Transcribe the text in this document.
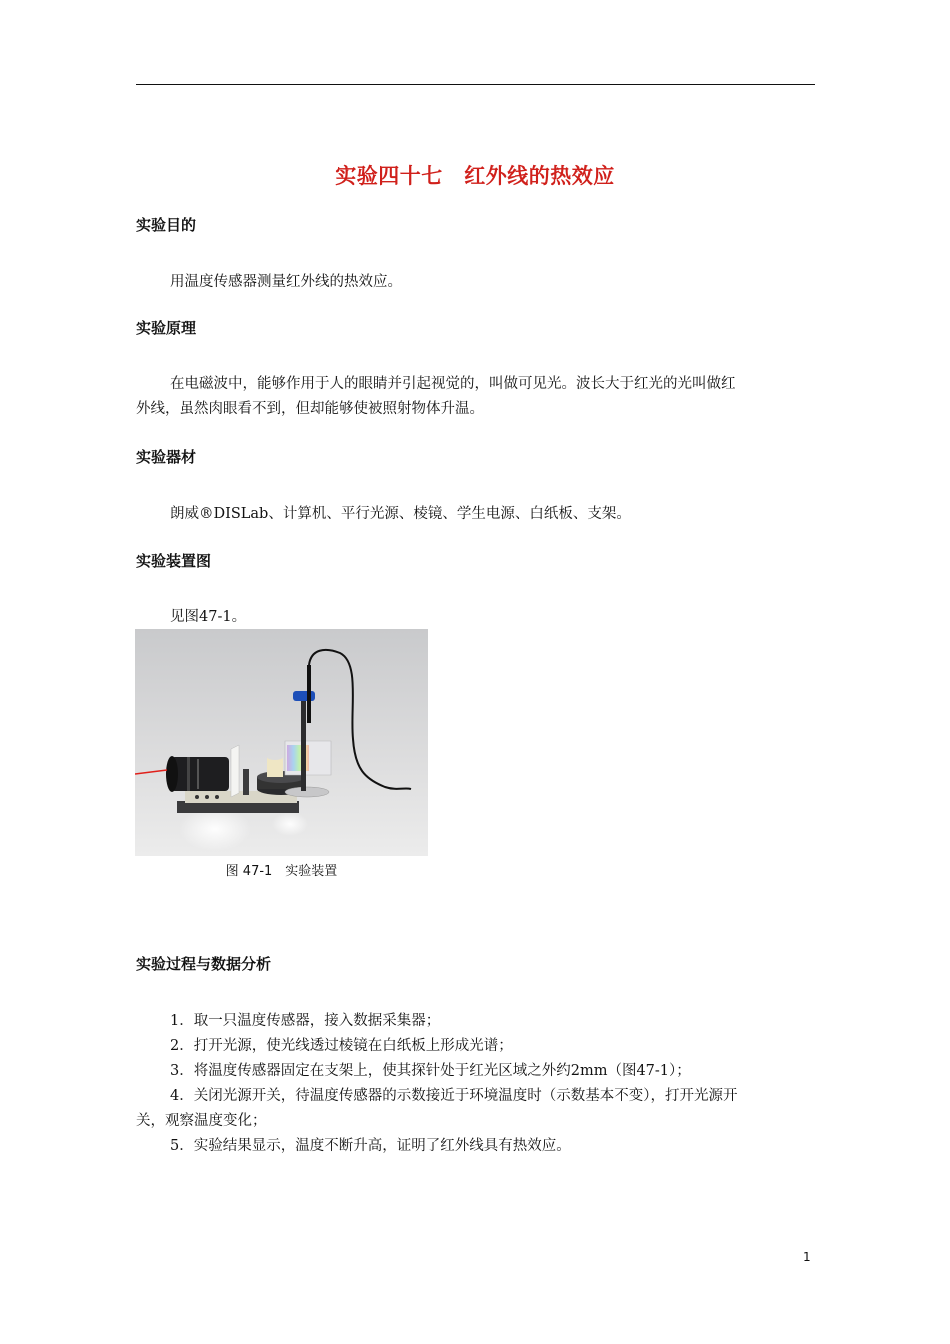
实验四十七　红外线的热效应
实验目的
用温度传感器测量红外线的热效应。
实验原理
在电磁波中，能够作用于人的眼睛并引起视觉的，叫做可见光。波长大于红光的光叫做红
外线，虽然肉眼看不到，但却能够使被照射物体升温。
实验器材
朗威®DISLab、计算机、平行光源、棱镜、学生电源、白纸板、支架。
实验装置图
见图47-1。
图 47-1　实验装置
实验过程与数据分析
1．取一只温度传感器，接入数据采集器；
2．打开光源，使光线透过棱镜在白纸板上形成光谱；
3．将温度传感器固定在支架上，使其探针处于红光区域之外约2mm（图47-1）；
4．关闭光源开关，待温度传感器的示数接近于环境温度时（示数基本不变），打开光源开
关，观察温度变化；
5．实验结果显示，温度不断升高，证明了红外线具有热效应。
1
